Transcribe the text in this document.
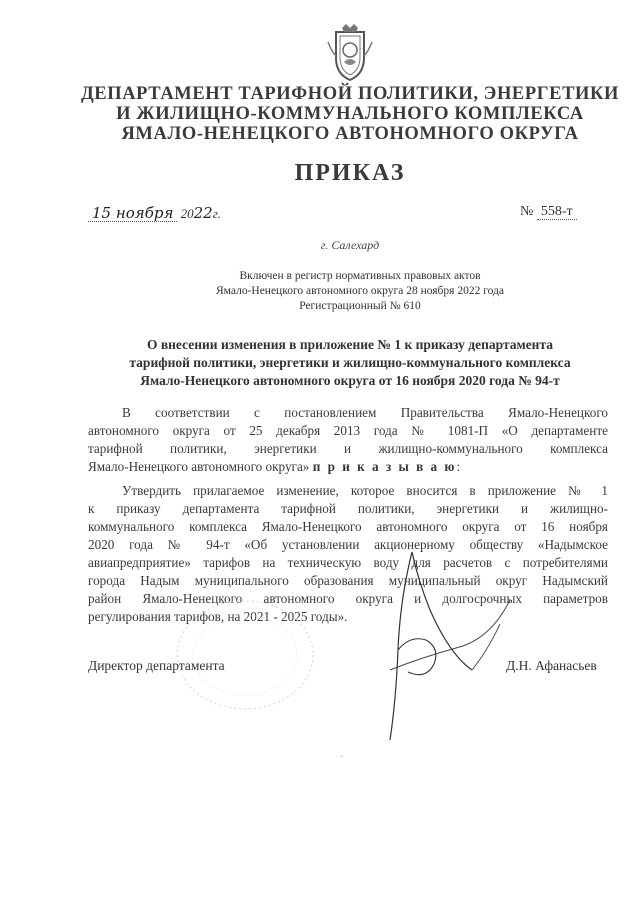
ДЕПАРТАМЕНТ ТАРИФНОЙ ПОЛИТИКИ, ЭНЕРГЕТИКИ
И ЖИЛИЩНО-КОММУНАЛЬНОГО КОМПЛЕКСА
ЯМАЛО-НЕНЕЦКОГО АВТОНОМНОГО ОКРУГА
ПРИКАЗ
15 ноября 2022г.	№ 558-т
г. Салехард
Включен в регистр нормативных правовых актов
Ямало-Ненецкого автономного округа 28 ноября 2022 года
Регистрационный № 610
О внесении изменения в приложение № 1 к приказу департамента
тарифной политики, энергетики и жилищно-коммунального комплекса
Ямало-Ненецкого автономного округа от 16 ноября 2020 года № 94-т
В соответствии с постановлением Правительства Ямало-Ненецкого
автономного округа от 25 декабря 2013 года № 1081-П «О департаменте
тарифной политики, энергетики и жилищно-коммунального комплекса
Ямало-Ненецкого автономного округа» п р и к а з ы в а ю:
Утвердить прилагаемое изменение, которое вносится в приложение № 1
к приказу департамента тарифной политики, энергетики и жилищно-
коммунального комплекса Ямало-Ненецкого автономного округа от 16 ноября
2020 года № 94-т «Об установлении акционерному обществу «Надымское
авиапредприятие» тарифов на техническую воду для расчетов с потребителями
города Надым муниципального образования муниципальный округ Надымский
район Ямало-Ненецкого автономного округа и долгосрочных параметров
регулирования тарифов, на 2021 - 2025 годы».
Директор департамента	Д.Н. Афанасьев
·
